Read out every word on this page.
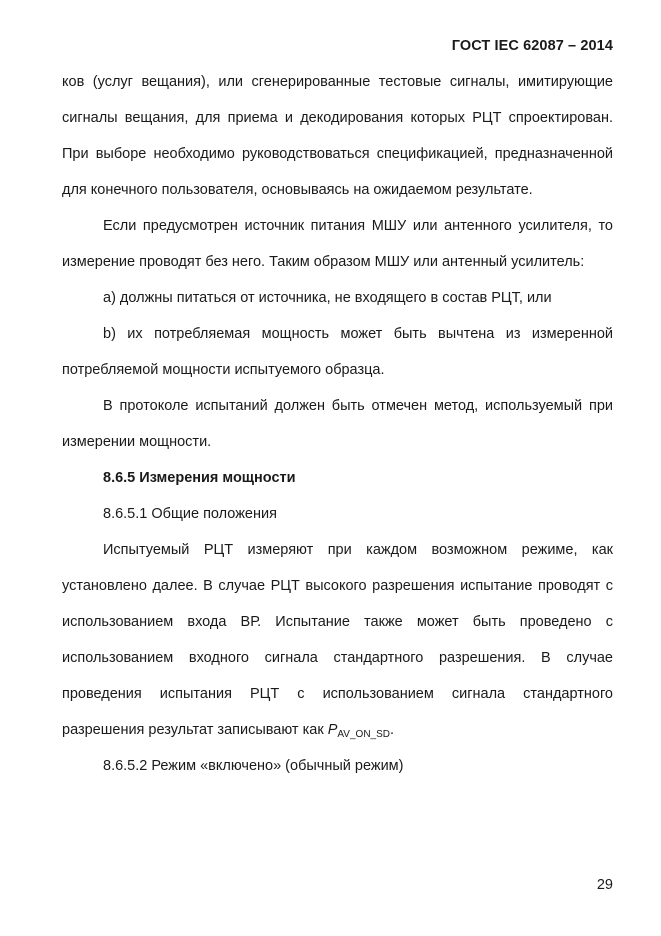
ГОСТ IEC 62087 – 2014

ков (услуг вещания), или сгенерированные тестовые сигналы, имитирующие сигналы вещания, для приема и декодирования которых РЦТ спроектирован. При выборе необходимо руководствоваться спецификацией, предназначенной для конечного пользователя, основываясь на ожидаемом результате.

Если предусмотрен источник питания МШУ или антенного усилителя, то измерение проводят без него. Таким образом МШУ или антенный усилитель:

a) должны питаться от источника, не входящего в состав РЦТ, или

b) их потребляемая мощность может быть вычтена из измеренной потребляемой мощности испытуемого образца.

В протоколе испытаний должен быть отмечен метод, используемый при измерении мощности.

8.6.5 Измерения мощности

8.6.5.1 Общие положения

Испытуемый РЦТ измеряют при каждом возможном режиме, как установлено далее. В случае РЦТ высокого разрешения испытание проводят с использованием входа ВР. Испытание также может быть проведено с использованием входного сигнала стандартного разрешения. В случае проведения испытания РЦТ с использованием сигнала стандартного разрешения результат записывают как $P_{AV\_ON\_SD}$.

8.6.5.2 Режим «включено» (обычный режим)

29
